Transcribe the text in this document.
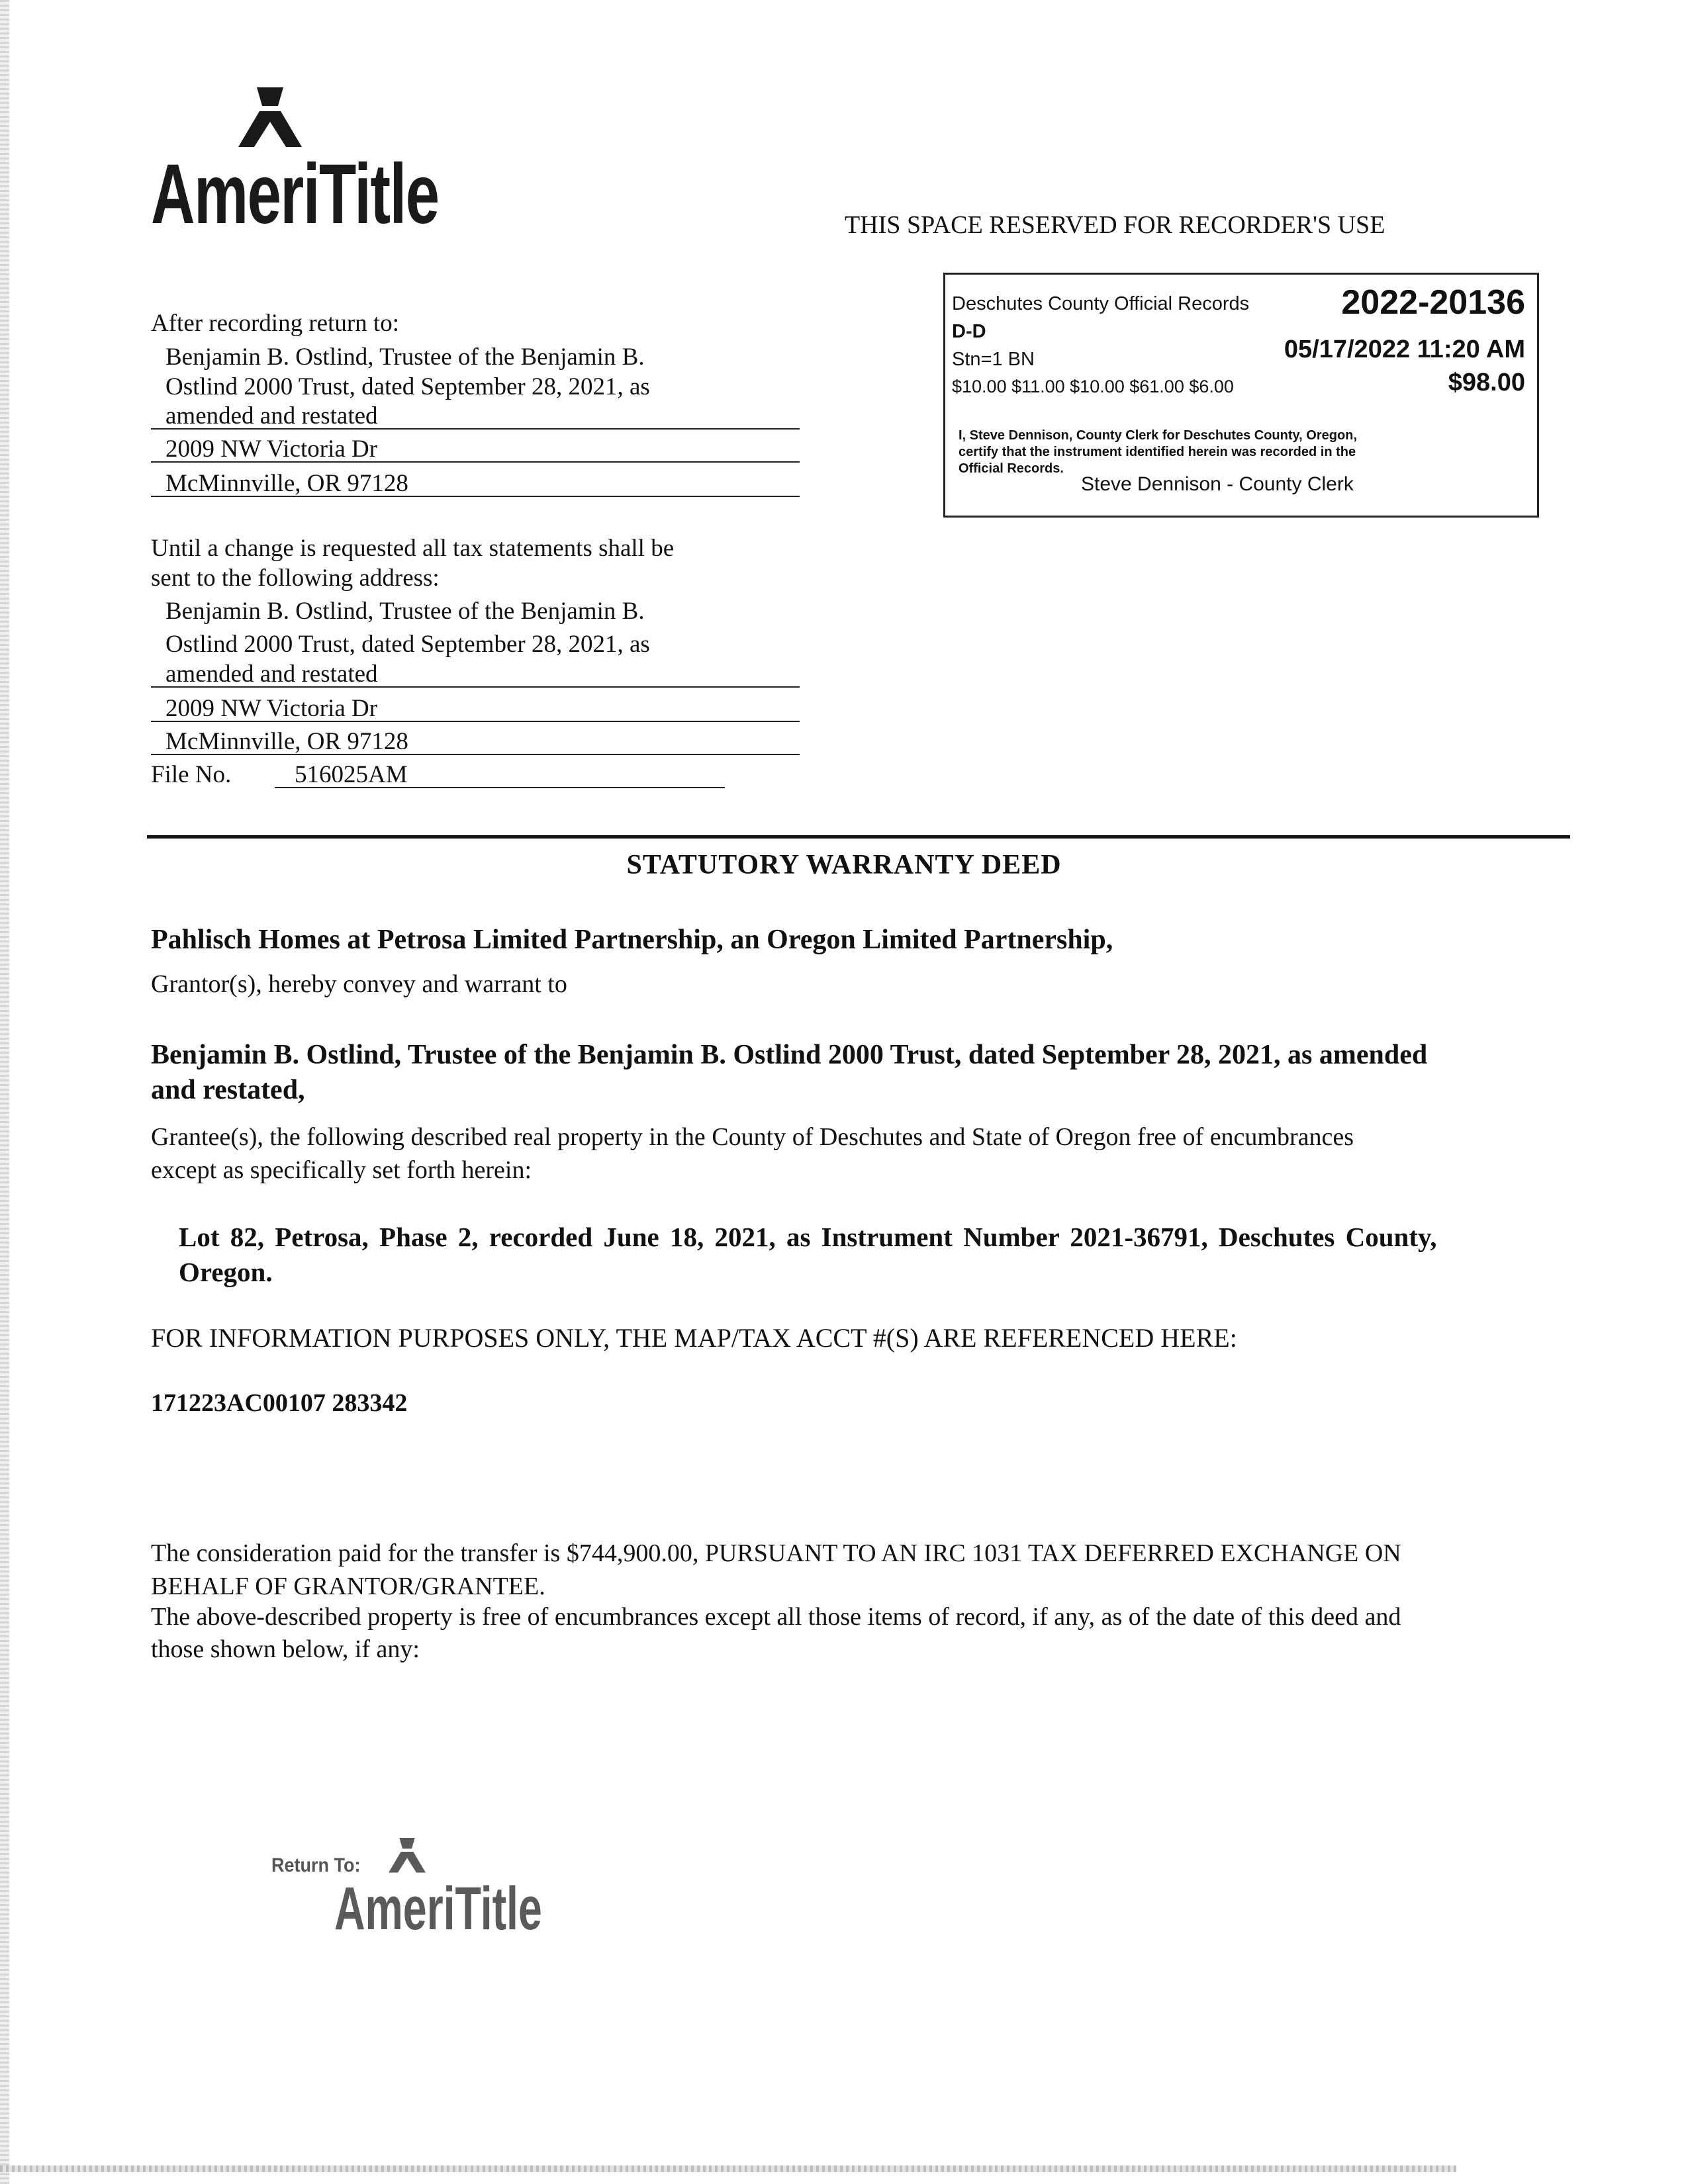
AmeriTitle	THIS SPACE RESERVED FOR RECORDER'S USE
Deschutes County Official Records	2022-20136
D-D
Stn=1 BN	05/17/2022 11:20 AM
$10.00 $11.00 $10.00 $61.00 $6.00	$98.00
I, Steve Dennison, County Clerk for Deschutes County, Oregon,
certify that the instrument identified herein was recorded in the
Official Records.
Steve Dennison - County Clerk
After recording return to:
Benjamin B. Ostlind, Trustee of the Benjamin B.
Ostlind 2000 Trust, dated September 28, 2021, as
amended and restated
2009 NW Victoria Dr
McMinnville, OR 97128
Until a change is requested all tax statements shall be
sent to the following address:
Benjamin B. Ostlind, Trustee of the Benjamin B.
Ostlind 2000 Trust, dated September 28, 2021, as
amended and restated
2009 NW Victoria Dr
McMinnville, OR 97128
File No.	516025AM
STATUTORY WARRANTY DEED
Pahlisch Homes at Petrosa Limited Partnership, an Oregon Limited Partnership,
Grantor(s), hereby convey and warrant to
Benjamin B. Ostlind, Trustee of the Benjamin B. Ostlind 2000 Trust, dated September 28, 2021, as amended
and restated,
Grantee(s), the following described real property in the County of Deschutes and State of Oregon free of encumbrances
except as specifically set forth herein:
Lot 82, Petrosa, Phase 2, recorded June 18, 2021, as Instrument Number 2021-36791, Deschutes County,
Oregon.
FOR INFORMATION PURPOSES ONLY, THE MAP/TAX ACCT #(S) ARE REFERENCED HERE:
171223AC00107 283342
The consideration paid for the transfer is $744,900.00, PURSUANT TO AN IRC 1031 TAX DEFERRED EXCHANGE ON
BEHALF OF GRANTOR/GRANTEE.
The above-described property is free of encumbrances except all those items of record, if any, as of the date of this deed and
those shown below, if any:
Return To:
AmeriTitle
